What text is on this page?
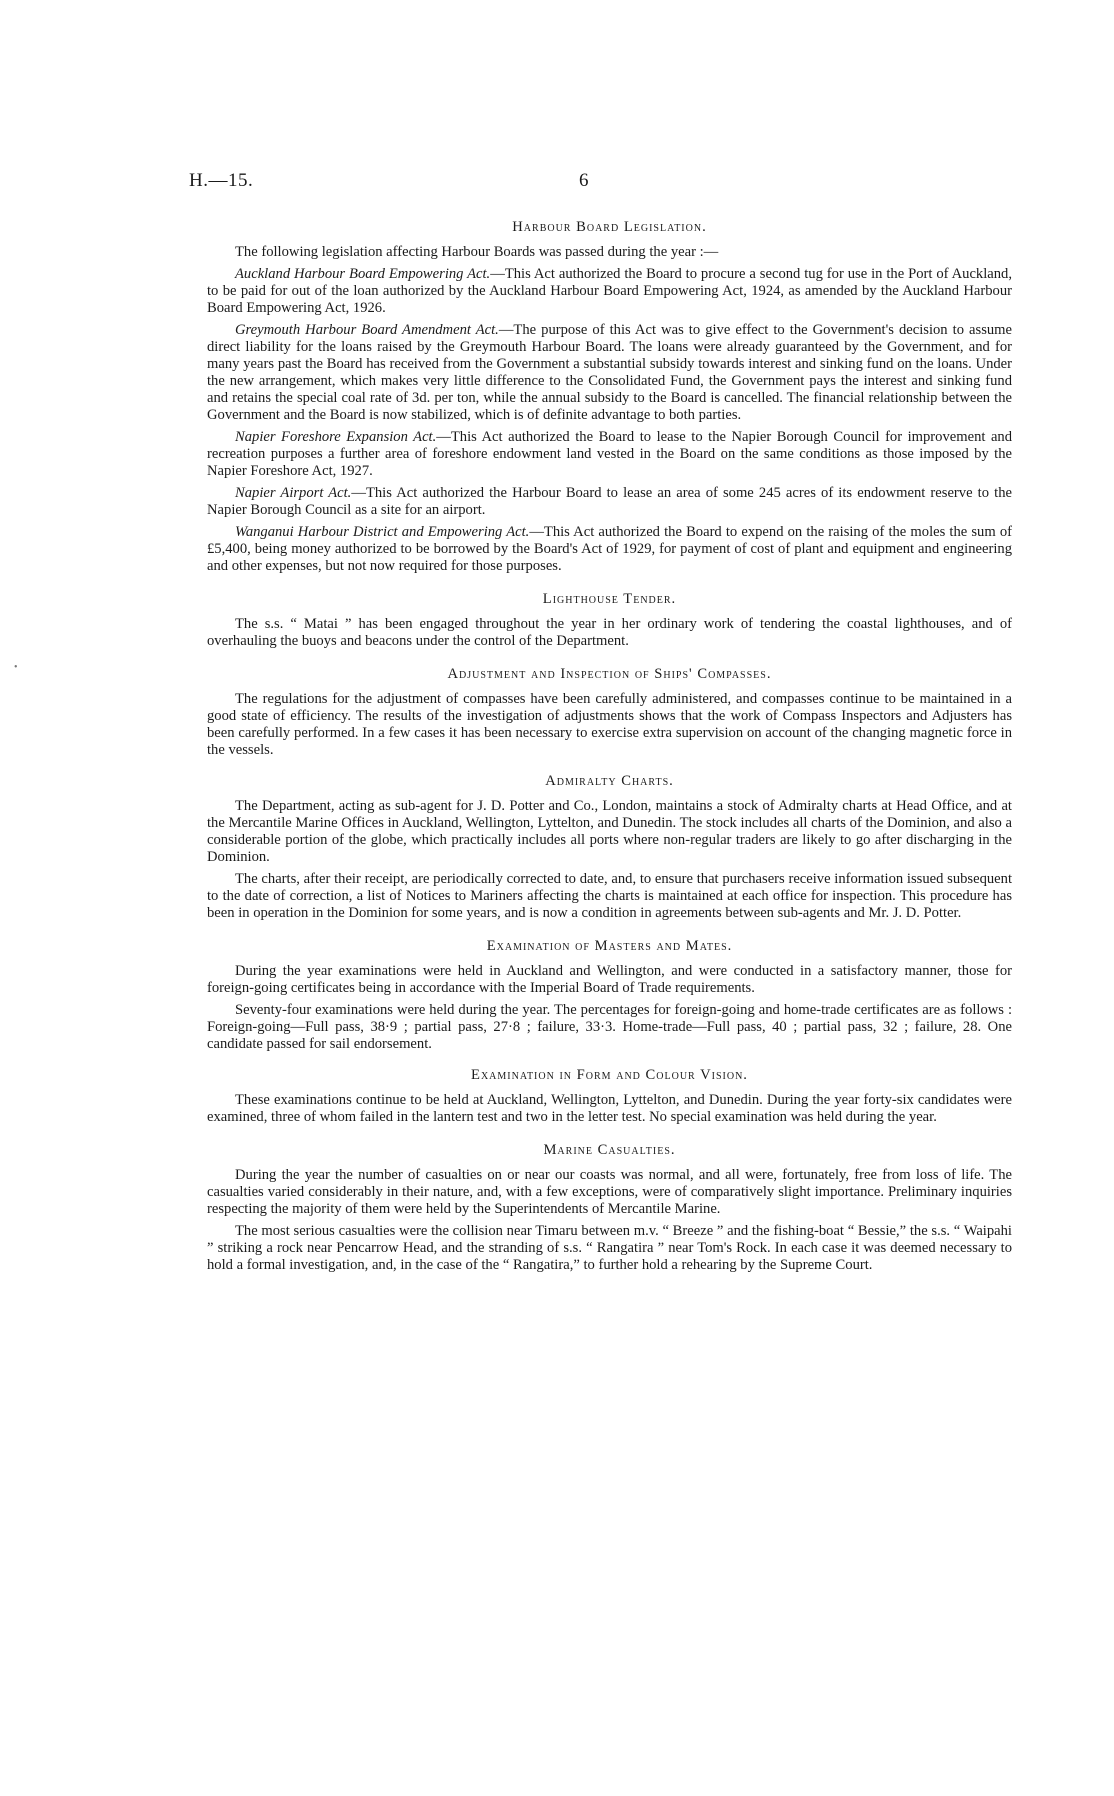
H.—15.	6
•
Harbour Board Legislation.

The following legislation affecting Harbour Boards was passed during the year :—

Auckland Harbour Board Empowering Act.—This Act authorized the Board to procure a second tug for use in the Port of Auckland, to be paid for out of the loan authorized by the Auckland Harbour Board Empowering Act, 1924, as amended by the Auckland Harbour Board Empowering Act, 1926.

Greymouth Harbour Board Amendment Act.—The purpose of this Act was to give effect to the Government's decision to assume direct liability for the loans raised by the Greymouth Harbour Board. The loans were already guaranteed by the Government, and for many years past the Board has received from the Government a substantial subsidy towards interest and sinking fund on the loans. Under the new arrangement, which makes very little difference to the Consolidated Fund, the Government pays the interest and sinking fund and retains the special coal rate of 3d. per ton, while the annual subsidy to the Board is cancelled. The financial relationship between the Government and the Board is now stabilized, which is of definite advantage to both parties.

Napier Foreshore Expansion Act.—This Act authorized the Board to lease to the Napier Borough Council for improvement and recreation purposes a further area of foreshore endowment land vested in the Board on the same conditions as those imposed by the Napier Foreshore Act, 1927.

Napier Airport Act.—This Act authorized the Harbour Board to lease an area of some 245 acres of its endowment reserve to the Napier Borough Council as a site for an airport.

Wanganui Harbour District and Empowering Act.—This Act authorized the Board to expend on the raising of the moles the sum of £5,400, being money authorized to be borrowed by the Board's Act of 1929, for payment of cost of plant and equipment and engineering and other expenses, but not now required for those purposes.

Lighthouse Tender.

The s.s. “ Matai ” has been engaged throughout the year in her ordinary work of tendering the coastal lighthouses, and of overhauling the buoys and beacons under the control of the Department.

Adjustment and Inspection of Ships' Compasses.

The regulations for the adjustment of compasses have been carefully administered, and compasses continue to be maintained in a good state of efficiency. The results of the investigation of adjustments shows that the work of Compass Inspectors and Adjusters has been carefully performed. In a few cases it has been necessary to exercise extra supervision on account of the changing magnetic force in the vessels.

Admiralty Charts.

The Department, acting as sub-agent for J. D. Potter and Co., London, maintains a stock of Admiralty charts at Head Office, and at the Mercantile Marine Offices in Auckland, Wellington, Lyttelton, and Dunedin. The stock includes all charts of the Dominion, and also a considerable portion of the globe, which practically includes all ports where non-regular traders are likely to go after discharging in the Dominion.

The charts, after their receipt, are periodically corrected to date, and, to ensure that purchasers receive information issued subsequent to the date of correction, a list of Notices to Mariners affecting the charts is maintained at each office for inspection. This procedure has been in operation in the Dominion for some years, and is now a condition in agreements between sub-agents and Mr. J. D. Potter.

Examination of Masters and Mates.

During the year examinations were held in Auckland and Wellington, and were conducted in a satisfactory manner, those for foreign-going certificates being in accordance with the Imperial Board of Trade requirements.

Seventy-four examinations were held during the year. The percentages for foreign-going and home-trade certificates are as follows : Foreign-going—Full pass, 38·9 ; partial pass, 27·8 ; failure, 33·3. Home-trade—Full pass, 40 ; partial pass, 32 ; failure, 28. One candidate passed for sail endorsement.

Examination in Form and Colour Vision.

These examinations continue to be held at Auckland, Wellington, Lyttelton, and Dunedin. During the year forty-six candidates were examined, three of whom failed in the lantern test and two in the letter test. No special examination was held during the year.

Marine Casualties.

During the year the number of casualties on or near our coasts was normal, and all were, fortunately, free from loss of life. The casualties varied considerably in their nature, and, with a few exceptions, were of comparatively slight importance. Preliminary inquiries respecting the majority of them were held by the Superintendents of Mercantile Marine.

The most serious casualties were the collision near Timaru between m.v. “ Breeze ” and the fishing-boat “ Bessie,” the s.s. “ Waipahi ” striking a rock near Pencarrow Head, and the stranding of s.s. “ Rangatira ” near Tom's Rock. In each case it was deemed necessary to hold a formal investigation, and, in the case of the “ Rangatira,” to further hold a rehearing by the Supreme Court.
